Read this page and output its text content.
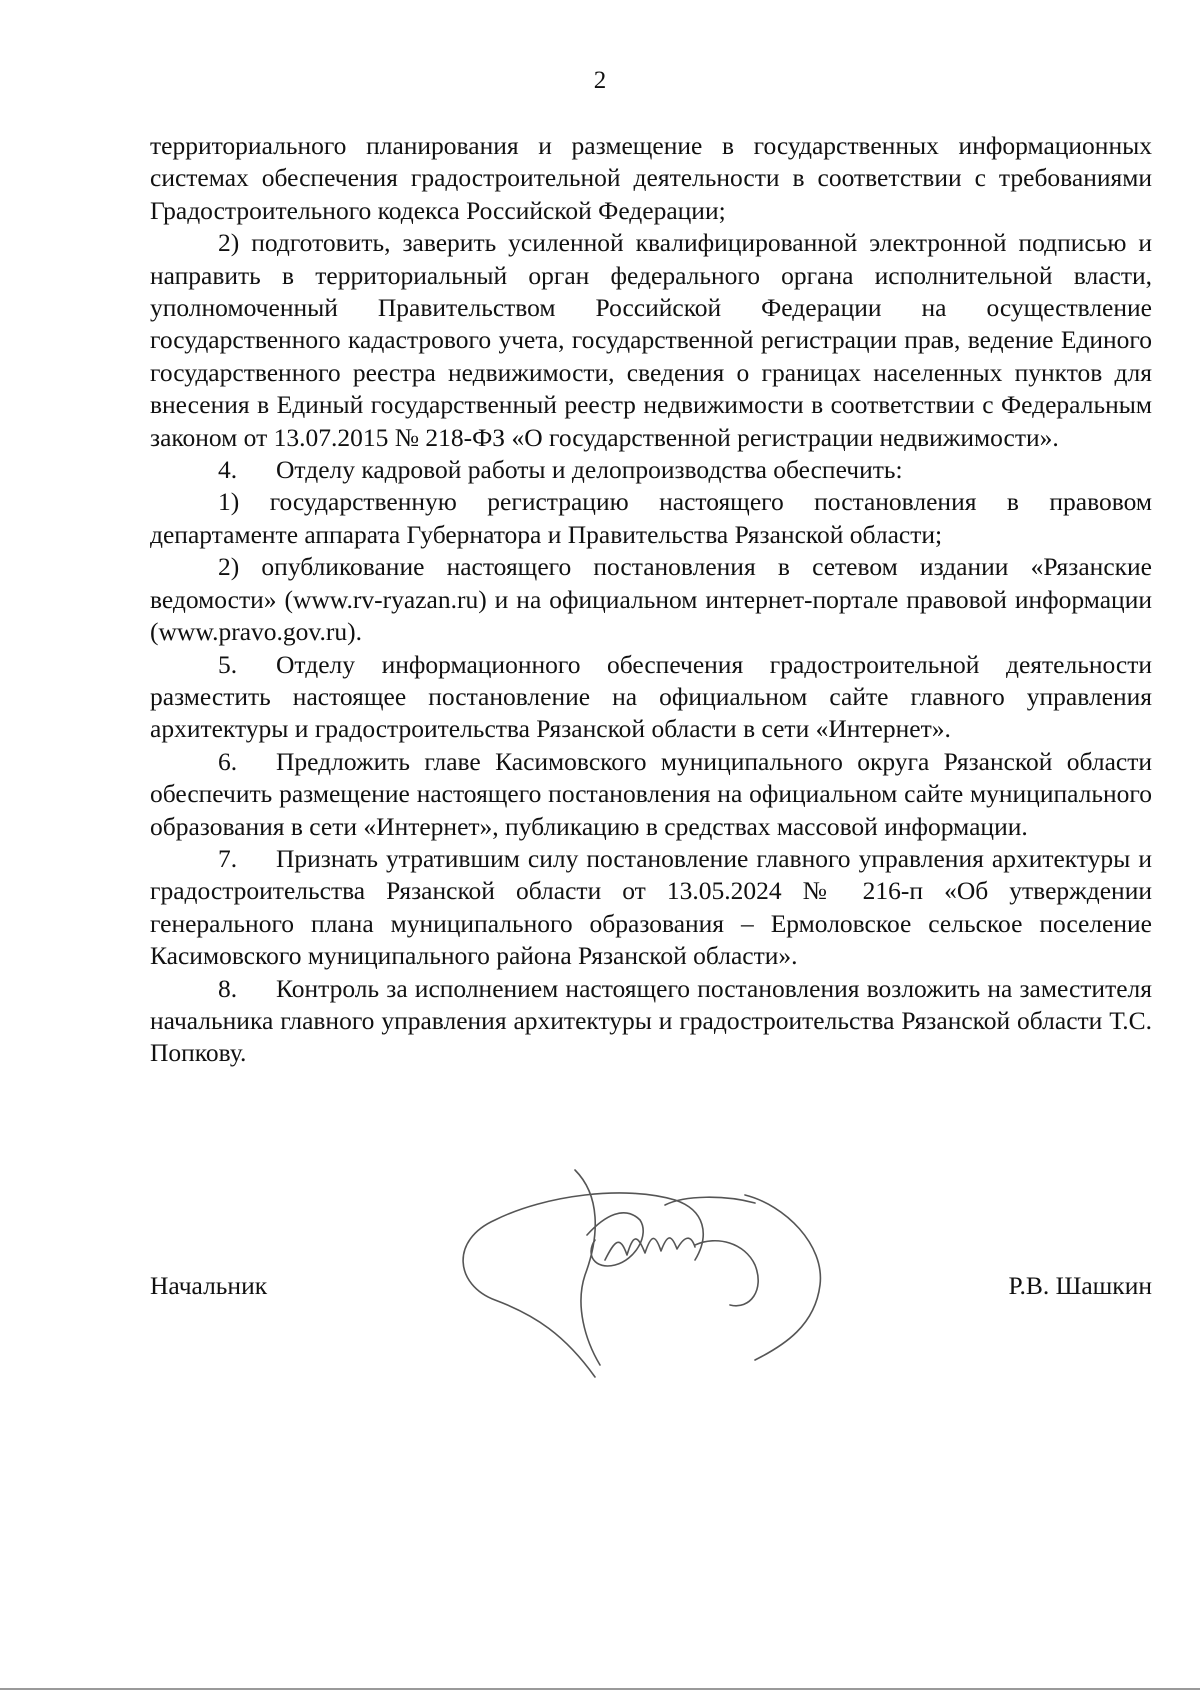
2

территориального планирования и размещение в государственных информационных системах обеспечения градостроительной деятельности в соответствии с требованиями Градостроительного кодекса Российской Федерации;

2) подготовить, заверить усиленной квалифицированной электронной подписью и направить в территориальный орган федерального органа исполнительной власти, уполномоченный Правительством Российской Федерации на осуществление государственного кадастрового учета, государственной регистрации прав, ведение Единого государственного реестра недвижимости, сведения о границах населенных пунктов для внесения в Единый государственный реестр недвижимости в соответствии с Федеральным законом от 13.07.2015 № 218-ФЗ «О государственной регистрации недвижимости».

4. Отделу кадровой работы и делопроизводства обеспечить:

1) государственную регистрацию настоящего постановления в правовом департаменте аппарата Губернатора и Правительства Рязанской области;

2) опубликование настоящего постановления в сетевом издании «Рязанские ведомости» (www.rv-ryazan.ru) и на официальном интернет-портале правовой информации (www.pravo.gov.ru).

5. Отделу информационного обеспечения градостроительной деятельности разместить настоящее постановление на официальном сайте главного управления архитектуры и градостроительства Рязанской области в сети «Интернет».

6. Предложить главе Касимовского муниципального округа Рязанской области обеспечить размещение настоящего постановления на официальном сайте муниципального образования в сети «Интернет», публикацию в средствах массовой информации.

7. Признать утратившим силу постановление главного управления архитектуры и градостроительства Рязанской области от 13.05.2024 № 216-п «Об утверждении генерального плана муниципального образования – Ермоловское сельское поселение Касимовского муниципального района Рязанской области».

8. Контроль за исполнением настоящего постановления возложить на заместителя начальника главного управления архитектуры и градостроительства Рязанской области Т.С. Попкову.

Начальник	Р.В. Шашкин
